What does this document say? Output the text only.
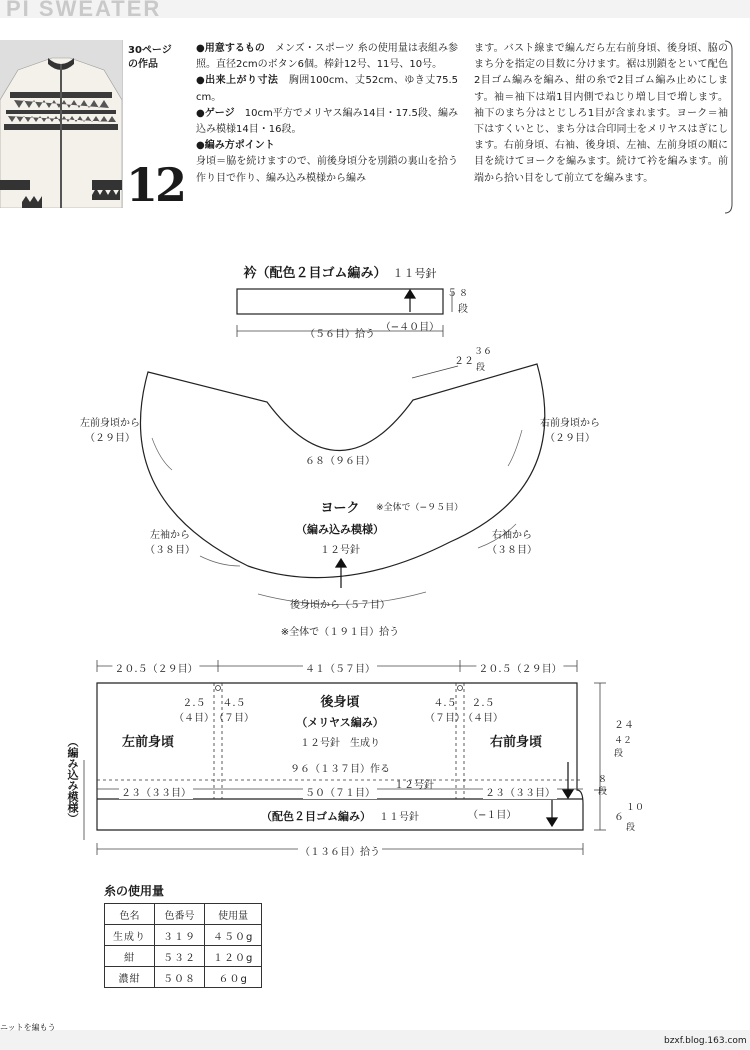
PI SWEATER
30ページ
の作品
12

●用意するもの　メンズ・スポーツ 糸の使用量は表組み参照。直径2cmのボタン6個。棒針12号、11号、10号。

●出来上がり寸法　胸囲100cm、丈52cm、ゆき丈75.5 cm。

●ゲージ　10cm平方でメリヤス編み14目・17.5段、編み込み模様14目・16段。

●編み方ポイント

身頃＝脇を続けますので、前後身頃分を別鎖の裏山を拾う作り目で作り、編み込み模様から編み

ます。バスト線まで編んだら左右前身頃、後身頃、脇のまち分を指定の目数に分けます。裾は別鎖をといて配色2目ゴム編みを編み、紺の糸で2目ゴム編み止めにします。袖＝袖下は端1目内側でねじり増し目で増します。袖下のまち分はとじしろ1目が含まれます。ヨーク＝袖下はすくいとじ、まち分は合印同士をメリヤスはぎにします。右前身頃、右袖、後身頃、左袖、左前身頃の順に目を続けてヨークを編みます。続けて衿を編みます。前端から拾い目をして前立てを編みます。

衿（配色２目ゴム編み） １１号針
５ ８
段
（−４０目）
（５６目）拾う
２２
３６
段
左前身頃から
（２９目）
右前身頃から
（２９目）
６８（９６目）
ヨーク ※全体で（−９５目）
（編み込み模様）
１２号針
左袖から
（３８目）
右袖から
（３８目）
後身頃から（５７目）
※全体で（１９１目）拾う
２０.５（２９目）	４１（５７目）	２０.５（２９目）
２.５
（４目）
４.５
（７目）
４.５
（７目）
２.５
（４目）
後身頃
（メリヤス編み）
１２号針　生成り
左前身頃	右前身頃
９６（１３７目）作る
１２号針
２３（３３目）	５０（７１目）	２３（３３目）
（配色２目ゴム編み） １１号針	（−１目）
（１３６目）拾う
２４
４２
段
８
段
６
１０
段
（編み込み模様）
糸の使用量
色名	色番号	使用量
生成り	３１９	４５０g
紺	５３２	１２０g
濃紺	５０８	６０g
ニットを編もう
bzxf.blog.163.com
